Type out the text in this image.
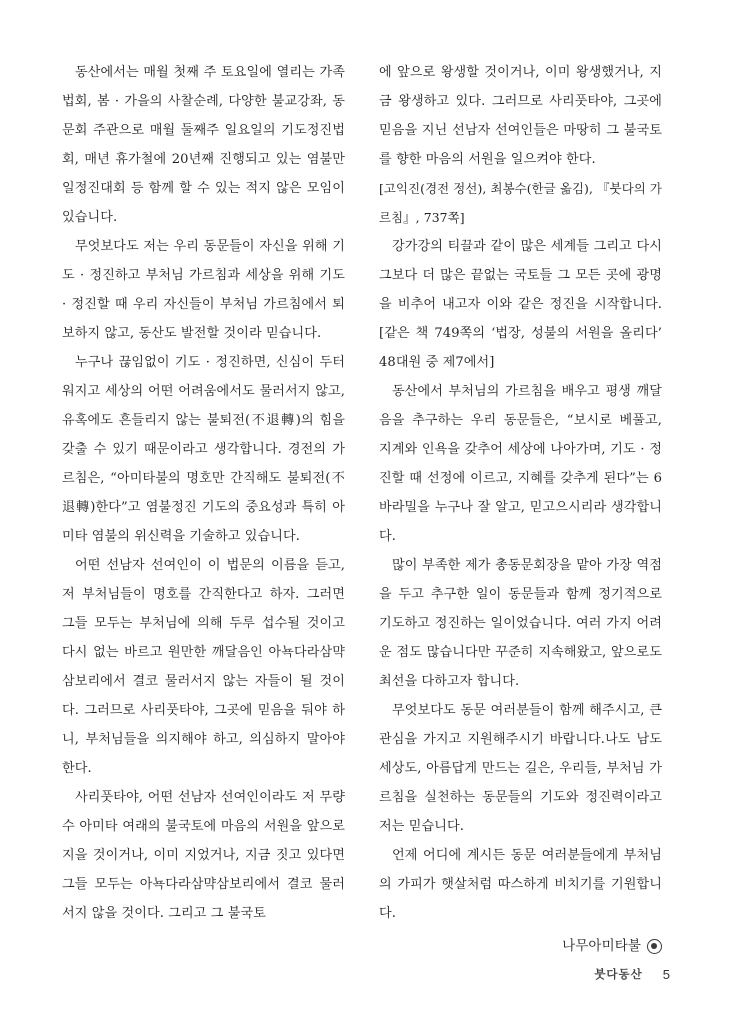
동산에서는 매월 첫째 주 토요일에 열리는 가족법회, 봄 · 가을의 사찰순례, 다양한 불교강좌, 동문회 주관으로 매월 둘째주 일요일의 기도정진법회, 매년 휴가철에 20년째 진행되고 있는 염불만일정진대회 등 함께 할 수 있는 적지 않은 모임이 있습니다.

무엇보다도 저는 우리 동문들이 자신을 위해 기도 · 정진하고 부처님 가르침과 세상을 위해 기도 · 정진할 때 우리 자신들이 부처님 가르침에서 퇴보하지 않고, 동산도 발전할 것이라 믿습니다.

누구나 끊임없이 기도 · 정진하면, 신심이 두터워지고 세상의 어떤 어려움에서도 물러서지 않고, 유혹에도 흔들리지 않는 불퇴전(不退轉)의 힘을 갖출 수 있기 때문이라고 생각합니다. 경전의 가르침은, “아미타불의 명호만 간직해도 불퇴전(不退轉)한다”고 염불정진 기도의 중요성과 특히 아미타 염불의 위신력을 기술하고 있습니다.

어떤 선남자 선여인이 이 법문의 이름을 듣고, 저 부처님들이 명호를 간직한다고 하자. 그러면 그들 모두는 부처님에 의해 두루 섭수될 것이고 다시 없는 바르고 원만한 깨달음인 아뇩다라삼먁삼보리에서 결코 물러서지 않는 자들이 될 것이다. 그러므로 사리풋타야, 그곳에 믿음을 둬야 하니, 부처님들을 의지해야 하고, 의심하지 말아야 한다.

사리풋타야, 어떤 선남자 선여인이라도 저 무량수 아미타 여래의 불국토에 마음의 서원을 앞으로 지을 것이거나, 이미 지었거나, 지금 짓고 있다면 그들 모두는 아뇩다라삼먁삼보리에서 결코 물러서지 않을 것이다. 그리고 그 불국토

에 앞으로 왕생할 것이거나, 이미 왕생했거나, 지금 왕생하고 있다. 그러므로 사리풋타야, 그곳에 믿음을 지닌 선남자 선여인들은 마땅히 그 불국토를 향한 마음의 서원을 일으켜야 한다.

[고익진(경전 정선), 최봉수(한글 옮김), 『붓다의 가르침』, 737쪽]

강가강의 티끌과 같이 많은 세계들 그리고 다시 그보다 더 많은 끝없는 국토들 그 모든 곳에 광명을 비추어 내고자 이와 같은 정진을 시작합니다. [같은 책 749쪽의 ‘법장, 성불의 서원을 올리다’ 48대원 중 제7에서]

동산에서 부처님의 가르침을 배우고 평생 깨달음을 추구하는 우리 동문들은, “보시로 베풀고, 지계와 인욕을 갖추어 세상에 나아가며, 기도 · 정진할 때 선정에 이르고, 지혜를 갖추게 된다”는 6바라밀을 누구나 잘 알고, 믿고으시리라 생각합니다.

많이 부족한 제가 총동문회장을 맡아 가장 역점을 두고 추구한 일이 동문들과 함께 정기적으로 기도하고 정진하는 일이었습니다. 여러 가지 어려운 점도 많습니다만 꾸준히 지속해왔고, 앞으로도 최선을 다하고자 합니다.

무엇보다도 동문 여러분들이 함께 해주시고, 큰 관심을 가지고 지원해주시기 바랍니다.나도 남도 세상도, 아름답게 만드는 길은, 우리들, 부처님 가르침을 실천하는 동문들의 기도와 정진력이라고 저는 믿습니다.

언제 어디에 계시든 동문 여러분들에게 부처님의 가피가 햇살처럼 따스하게 비치기를 기원합니다.

나무아미타불
붓다동산 5
